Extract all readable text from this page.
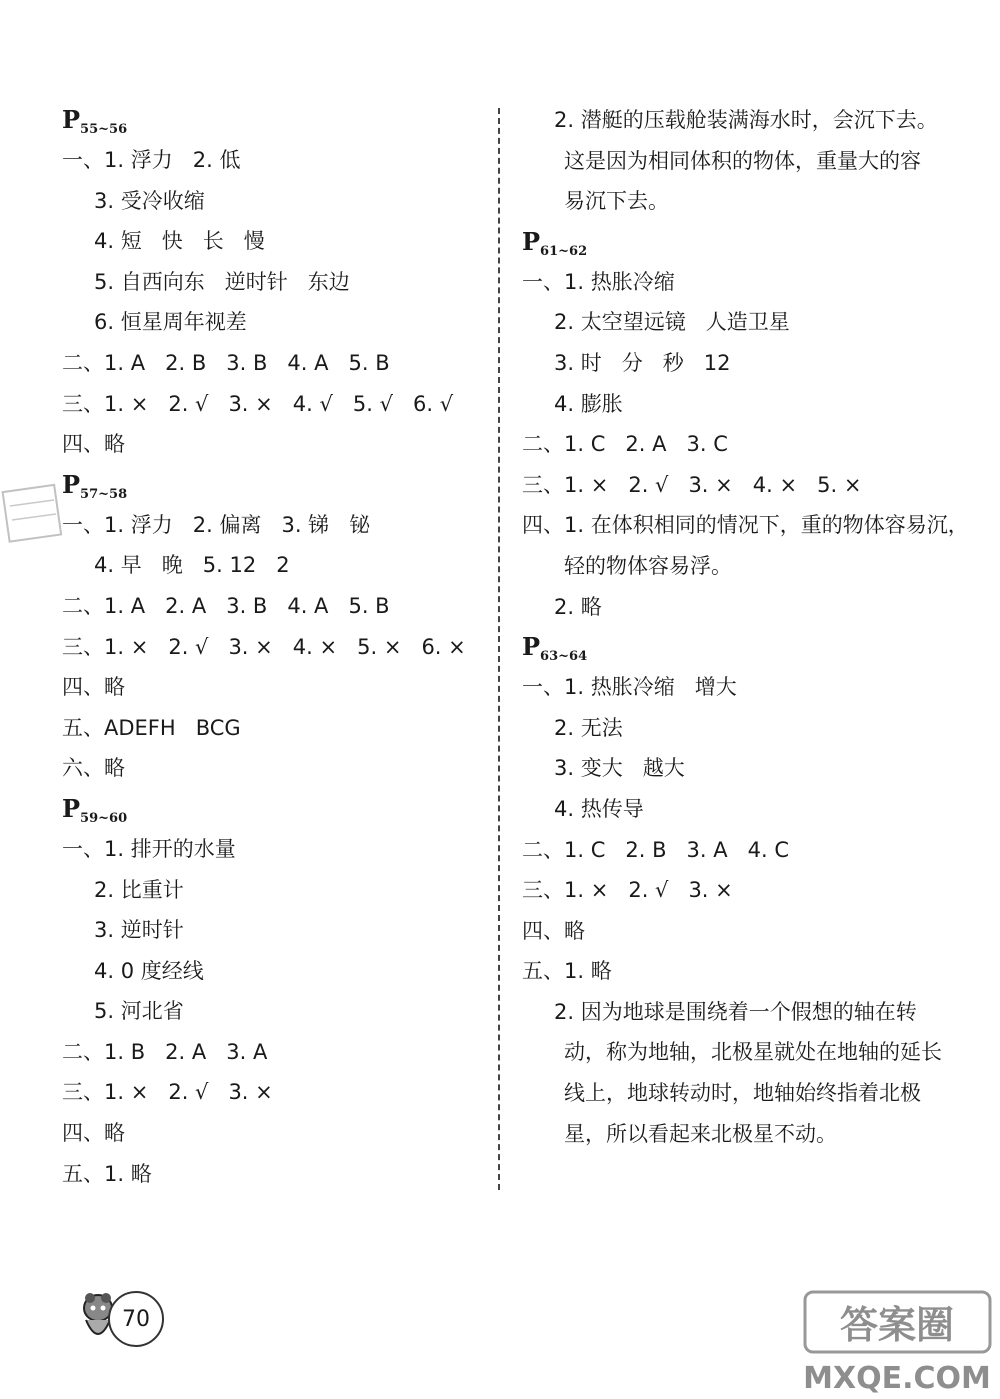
$P_{55\sim 56}$
一、1. 浮力   2. 低
3. 受冷收缩
4. 短   快   长   慢
5. 自西向东   逆时针   东边
6. 恒星周年视差
二、1. A   2. B   3. B   4. A   5. B
三、1. ×   2. √   3. ×   4. √   5. √   6. √
四、略
$P_{57\sim 58}$
一、1. 浮力   2. 偏离   3. 锑   铋
4. 早   晚   5. 12   2
二、1. A   2. A   3. B   4. A   5. B
三、1. ×   2. √   3. ×   4. ×   5. ×   6. ×
四、略
五、ADEFH   BCG
六、略
$P_{59\sim 60}$
一、1. 排开的水量
2. 比重计
3. 逆时针
4. 0 度经线
5. 河北省
二、1. B   2. A   3. A
三、1. ×   2. √   3. ×
四、略
五、1. 略
2. 潜艇的压载舱装满海水时，会沉下去。
这是因为相同体积的物体，重量大的容
易沉下去。
$P_{61\sim 62}$
一、1. 热胀冷缩
2. 太空望远镜   人造卫星
3. 时   分   秒   12
4. 膨胀
二、1. C   2. A   3. C
三、1. ×   2. √   3. ×   4. ×   5. ×
四、1. 在体积相同的情况下，重的物体容易沉，
轻的物体容易浮。
2. 略
$P_{63\sim 64}$
一、1. 热胀冷缩   增大
2. 无法
3. 变大   越大
4. 热传导
二、1. C   2. B   3. A   4. C
三、1. ×   2. √   3. ×
四、略
五、1. 略
2. 因为地球是围绕着一个假想的轴在转
动，称为地轴，北极星就处在地轴的延长
线上，地球转动时，地轴始终指着北极
星，所以看起来北极星不动。
70	答案圈
MXQE.COM
